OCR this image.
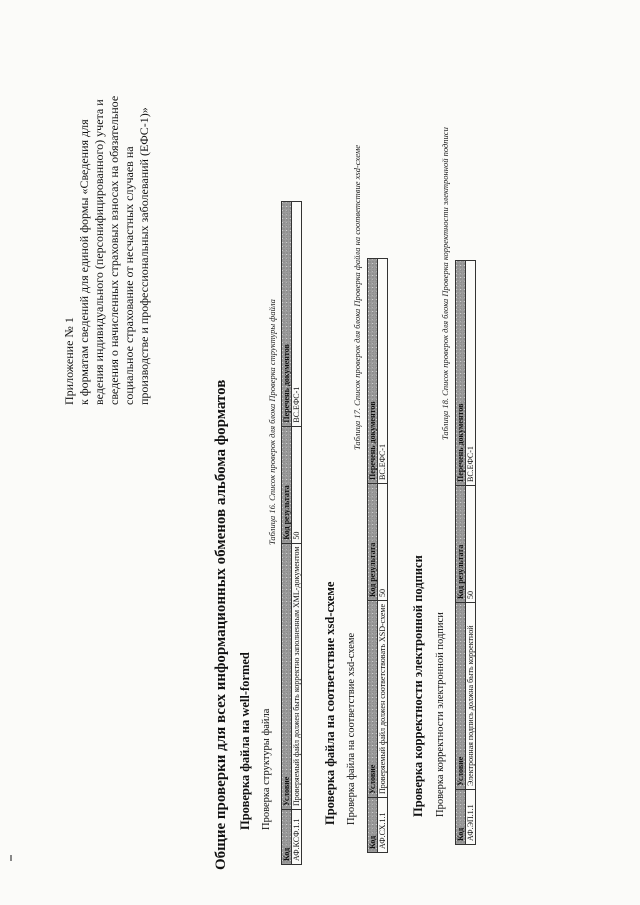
Приложение № 1 к форматам сведений для единой формы «Сведения для ведения индивидуального (персонифицированного) учета и сведения о начисленных страховых взносах на обязательное социальное страхование от несчастных случаев на производстве и профессиональных заболеваний (ЕФС-1)»
Общие проверки для всех информационных обменов альбома форматов Проверка файла на well-formed Проверка структуры файла
Таблица 16. Список проверок для блока Проверка структуры файла
Код	Условие	Код результата	Перечень документов
АФ.КСФ.1.1	Проверяемый файл должен быть корректно заполненным XML-документом	50	ВС.ЕФС-1
Проверка файла на соответствие xsd-схеме Проверка файла на соответствие xsd-схеме
Таблица 17. Список проверок для блока Проверка файла на соответствие xsd-схеме
Код	Условие	Код результата	Перечень документов
АФ.СХ.1.1	Проверяемый файл должен соответствовать XSD-схеме	50	ВС.ЕФС-1
Проверка корректности электронной подписи Проверка корректности электронной подписи
Таблица 18. Список проверок для блока Проверка корректности электронной подписи
Код	Условие	Код результата	Перечень документов
АФ.ЭП.1.1	Электронная подпись должна быть корректной	50	ВС.ЕФС-1
